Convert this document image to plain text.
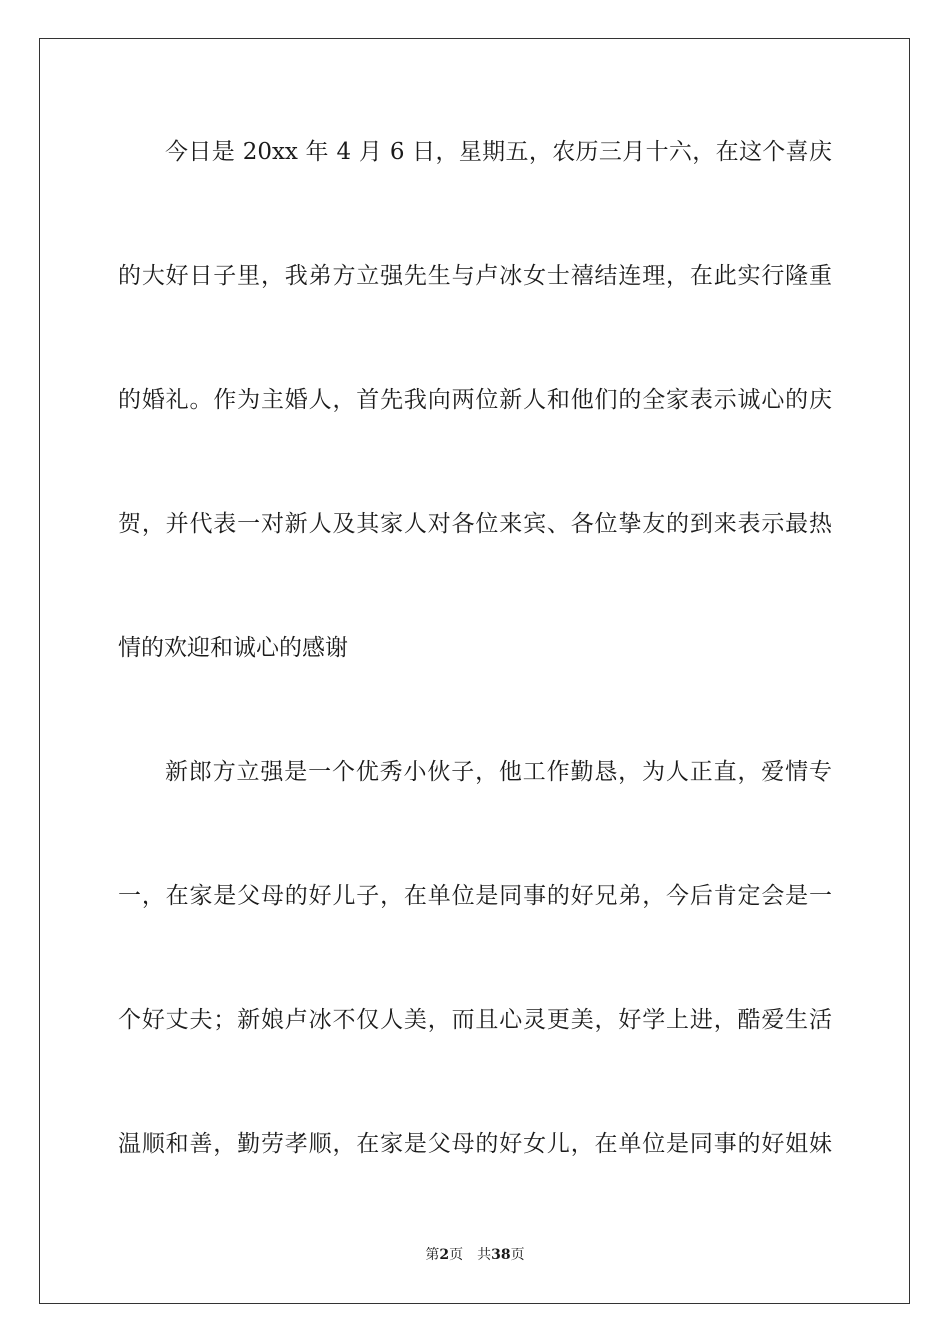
今日是 20xx 年 4 月 6 日，星期五，农历三月十六，在这个喜庆
的大好日子里，我弟方立强先生与卢冰女士禧结连理，在此实行隆重
的婚礼。作为主婚人，首先我向两位新人和他们的全家表示诚心的庆
贺，并代表一对新人及其家人对各位来宾、各位挚友的到来表示最热
情的欢迎和诚心的感谢
新郎方立强是一个优秀小伙子，他工作勤恳，为人正直，爱情专
一，在家是父母的好儿子，在单位是同事的好兄弟，今后肯定会是一
个好丈夫；新娘卢冰不仅人美，而且心灵更美，好学上进，酷爱生活
温顺和善，勤劳孝顺，在家是父母的好女儿，在单位是同事的好姐妹
第2页 共38页
